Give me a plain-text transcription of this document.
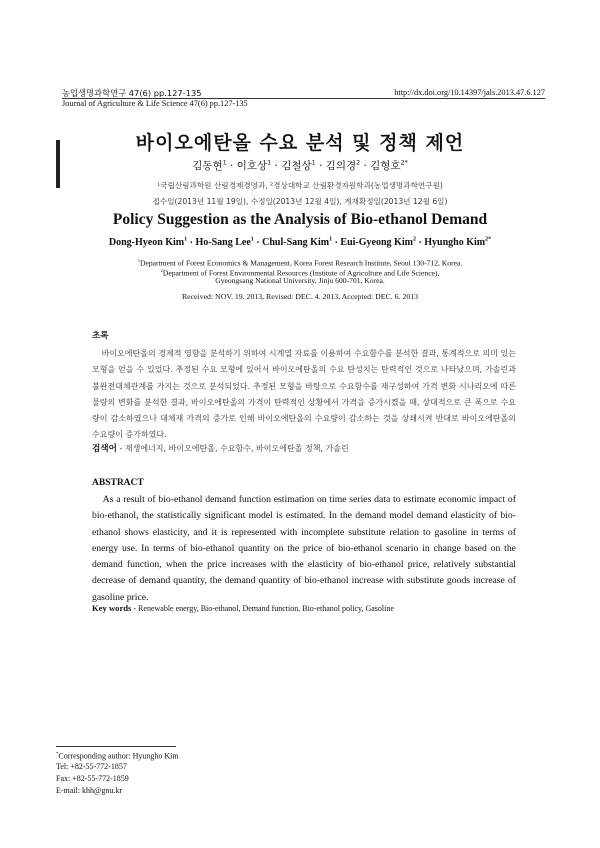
농업생명과학연구 47(6) pp.127-135	http://dx.doi.org/10.14397/jals.2013.47.6.127
Journal of Agriculture & Life Science 47(6) pp.127-135
바이오에탄올 수요 분석 및 정책 제언
김동현$^1$ · 이호상$^1$ · 김철상$^1$ · 김의경$^2$ · 김형호$^{2*}$
¹국립산림과학원 산림경제경영과, ²경상대학교 산림환경자원학과(농업생명과학연구원)
접수일(2013년 11월 19일), 수정일(2013년 12월 4일), 게재확정일(2013년 12월 6일)
Policy Suggestion as the Analysis of Bio-ethanol Demand
Dong-Hyeon Kim$^1$ · Ho-Sang Lee$^1$ · Chul-Sang Kim$^1$ · Eui-Gyeong Kim$^2$ · Hyungho Kim$^{2*}$
$^1$Department of Forest Economics & Management, Korea Forest Research Institute, Seoul 130-712, Korea.
$^2$Department of Forest Environmental Resources (Institute of Agriculture and Life Science),
Gyeongsang National University, Jinju 600-701, Korea.
Received: NOV. 19. 2013, Revised: DEC. 4. 2013, Accepted: DEC. 6. 2013
초록
바이오에탄올의 경제적 영향을 분석하기 위하여 시계열 자료를 이용하여 수요함수를 분석한 결과, 통계적으로 의미 있는 모형을 얻을 수 있었다. 추정된 수요 모형에 있어서 바이오에탄올의 수요 탄성치는 탄력적인 것으로 나타났으며, 가솔린과 불완전대체관계를 가지는 것으로 분석되었다. 추정된 모형을 바탕으로 수요함수를 재구성하여 가격 변화 시나리오에 따른 물량의 변화를 분석한 결과, 바이오에탄올의 가격이 탄력적인 상황에서 가격을 증가시켰을 때, 상대적으로 큰 폭으로 수요량이 감소하였으나 대체재 가격의 증가로 인해 바이오에탄올의 수요량이 감소하는 것을 상쇄시켜 반대로 바이오에탄올의 수요량이 증가하였다.
검색어 - 재생에너지, 바이오에탄올, 수요함수, 바이오에탄올 정책, 가솔린
ABSTRACT
As a result of bio-ethanol demand function estimation on time series data to estimate economic impact of bio-ethanol, the statistically significant model is estimated. In the demand model demand elasticity of bio-ethanol shows elasticity, and it is represented with incomplete substitute relation to gasoline in terms of energy use. In terms of bio-ethanol quantity on the price of bio-ethanol scenario in change based on the demand function, when the price increases with the elasticity of bio-ethanol price, relatively substantial decrease of demand quantity, the demand quantity of bio-ethanol increase with substitute goods increase of gasoline price.
Key words - Renewable energy, Bio-ethanol, Demand function, Bio-ethanol policy, Gasoline
*Corresponding author: Hyungho Kim
Tel: +82-55-772-1857
Fax: +82-55-772-1859
E-mail: khh@gnu.kr
